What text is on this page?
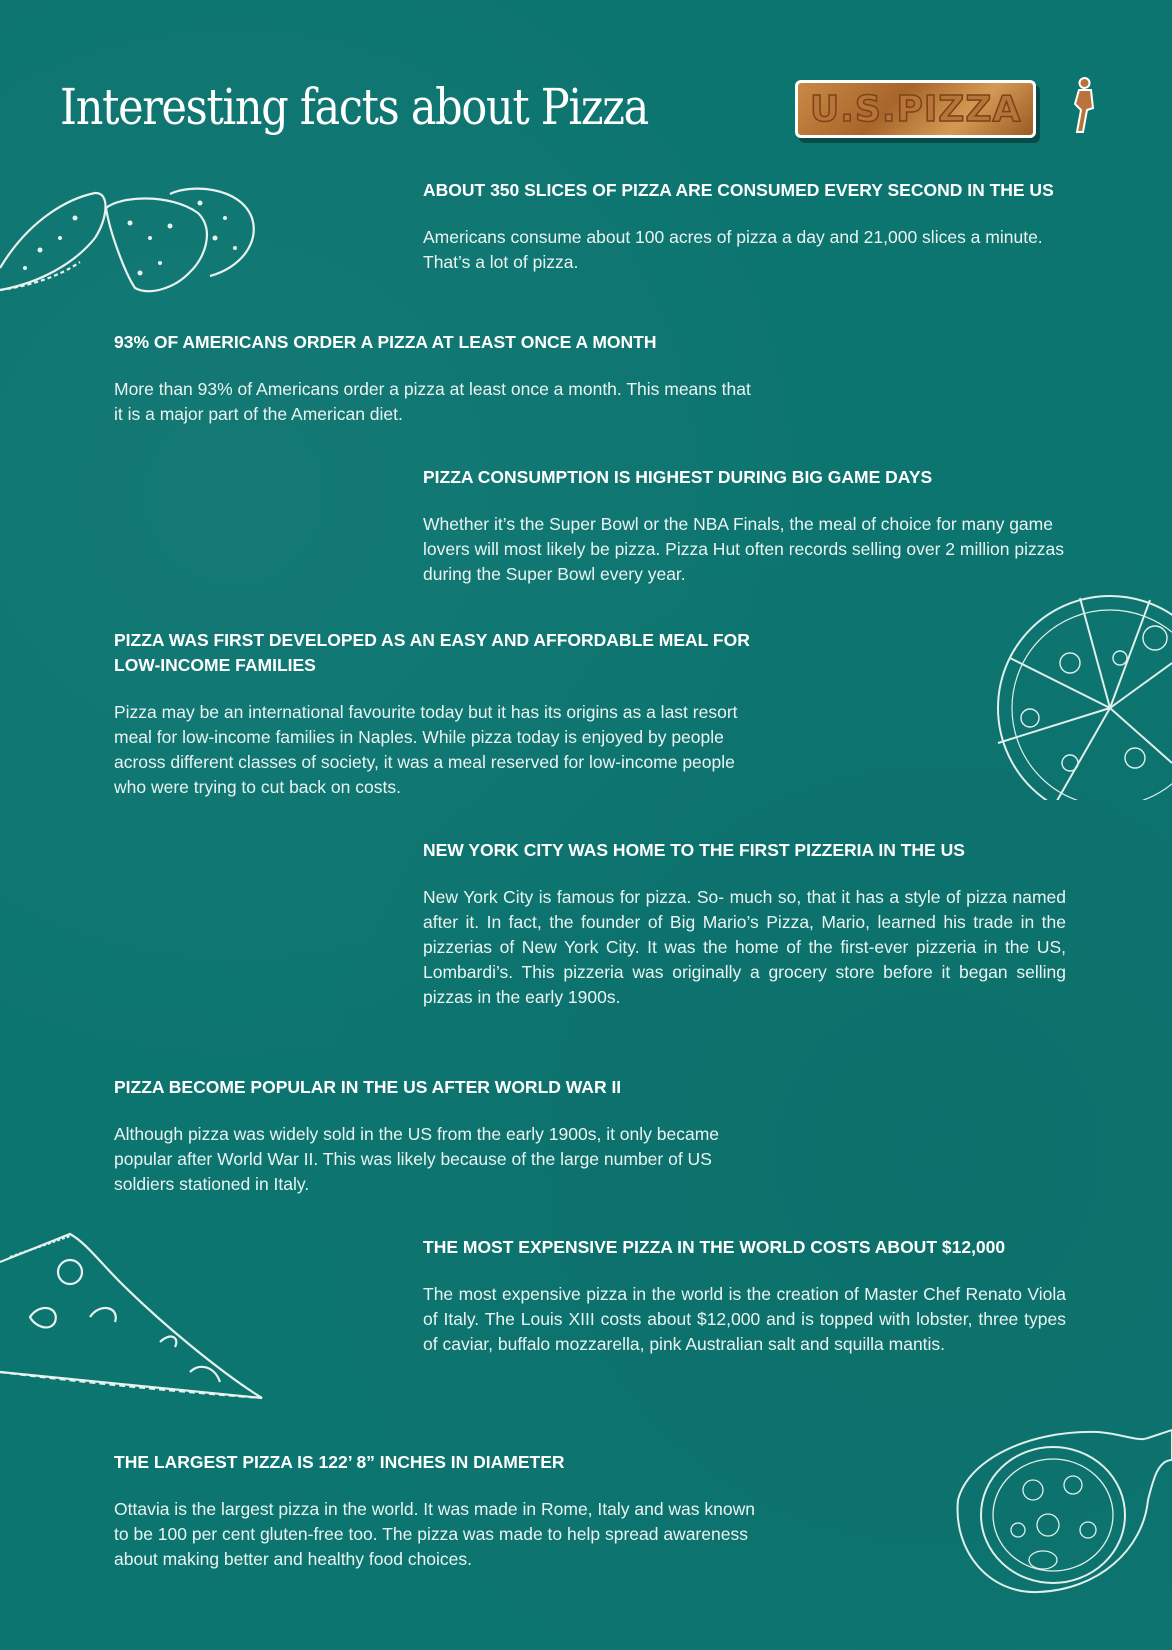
Interesting facts about Pizza	U.S.PIZZA
ABOUT 350 SLICES OF PIZZA ARE CONSUMED EVERY SECOND IN THE US

Americans consume about 100 acres of pizza a day and 21,000 slices a minute. That’s a lot of pizza.

93% OF AMERICANS ORDER A PIZZA AT LEAST ONCE A MONTH

More than 93% of Americans order a pizza at least once a month. This means that it is a major part of the American diet.

PIZZA CONSUMPTION IS HIGHEST DURING BIG GAME DAYS

Whether it’s the Super Bowl or the NBA Finals, the meal of choice for many game lovers will most likely be pizza. Pizza Hut often records selling over 2 million pizzas during the Super Bowl every year.

PIZZA WAS FIRST DEVELOPED AS AN EASY AND AFFORDABLE MEAL FOR LOW-INCOME FAMILIES

Pizza may be an international favourite today but it has its origins as a last resort meal for low-income families in Naples. While pizza today is enjoyed by people across different classes of society, it was a meal reserved for low-income people who were trying to cut back on costs.

NEW YORK CITY WAS HOME TO THE FIRST PIZZERIA IN THE US

New York City is famous for pizza. So- much so, that it has a style of pizza named after it. In fact, the founder of Big Mario’s Pizza, Mario, learned his trade in the pizzerias of New York City. It was the home of the first-ever pizzeria in the US, Lombardi’s. This pizzeria was originally a grocery store before it began selling pizzas in the early 1900s.

PIZZA BECOME POPULAR IN THE US AFTER WORLD WAR II

Although pizza was widely sold in the US from the early 1900s, it only became popular after World War II. This was likely because of the large number of US soldiers stationed in Italy.

THE MOST EXPENSIVE PIZZA IN THE WORLD COSTS ABOUT $12,000

The most expensive pizza in the world is the creation of Master Chef Renato Viola of Italy. The Louis XIII costs about $12,000 and is topped with lobster, three types of caviar, buffalo mozzarella, pink Australian salt and squilla mantis.

THE LARGEST PIZZA IS 122’ 8” INCHES IN DIAMETER

Ottavia is the largest pizza in the world. It was made in Rome, Italy and was known to be 100 per cent gluten-free too. The pizza was made to help spread awareness about making better and healthy food choices.
